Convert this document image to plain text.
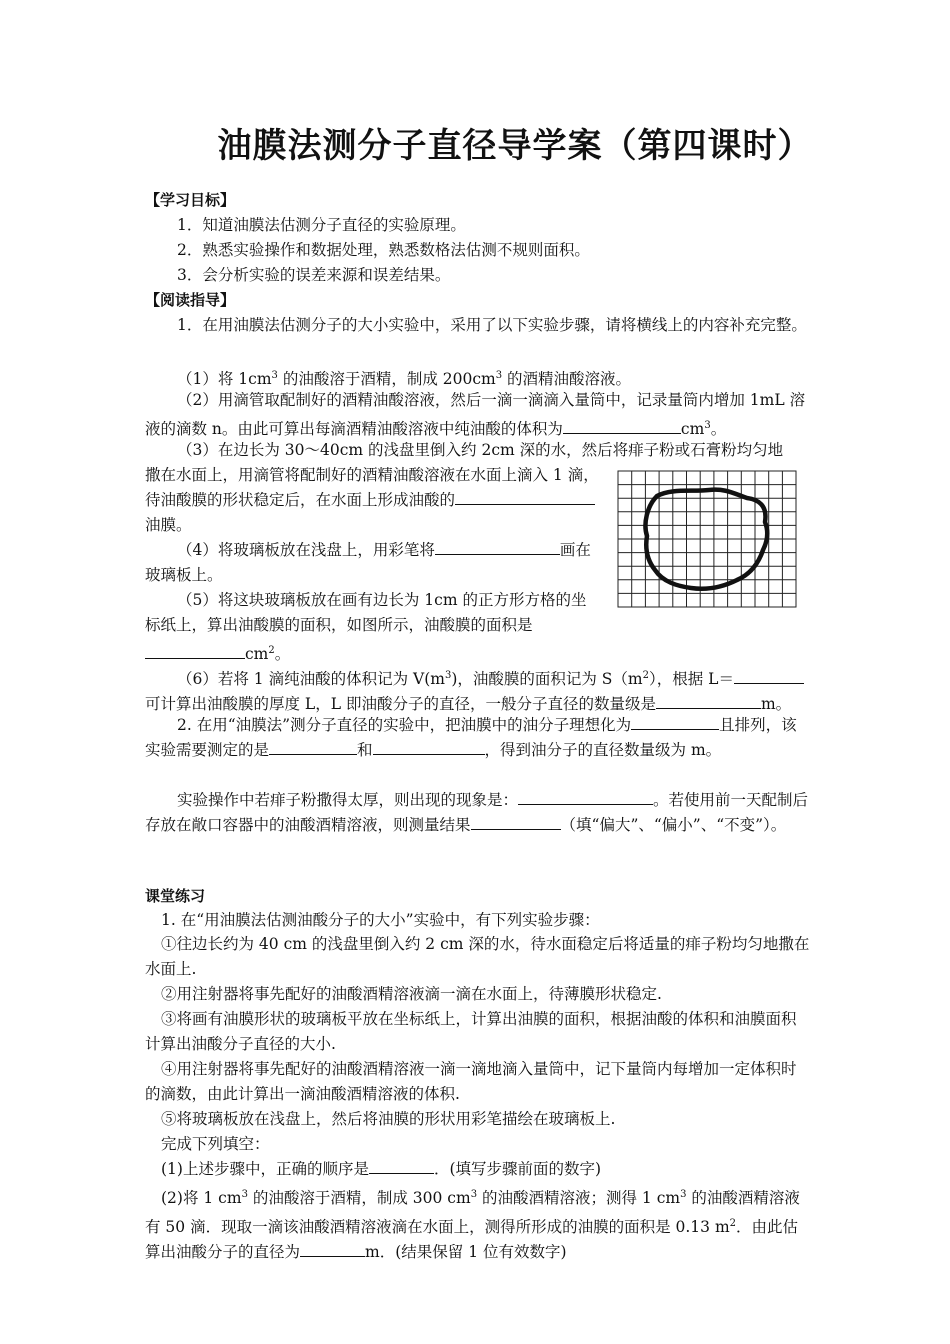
油膜法测分子直径导学案（第四课时）
【学习目标】
1．知道油膜法估测分子直径的实验原理。
2．熟悉实验操作和数据处理，熟悉数格法估测不规则面积。
3．会分析实验的误差来源和误差结果。
【阅读指导】
1．在用油膜法估测分子的大小实验中，采用了以下实验步骤，请将横线上的内容补充完整。
（1）将 $1cm^3$ 的油酸溶于酒精，制成 $200cm^3$ 的酒精油酸溶液。
（2）用滴管取配制好的酒精油酸溶液，然后一滴一滴滴入量筒中，记录量筒内增加 1mL 溶液的滴数 n。由此可算出每滴酒精油酸溶液中纯油酸的体积为	$cm^3$。
（3）在边长为 30～40cm 的浅盘里倒入约 2cm 深的水，然后将痱子粉或石膏粉均匀地
撒在水面上，用滴管将配制好的酒精油酸溶液在水面上滴入 1 滴，待油酸膜的形状稳定后，在水面上形成油酸的油膜。
（4）将玻璃板放在浅盘上，用彩笔将	画在玻璃板上。
（5）将这块玻璃板放在画有边长为 1cm 的正方形方格的坐标纸上，算出油酸膜的面积，如图所示，油酸膜的面积是$cm^2$。
（6）若将 1 滴纯油酸的体积记为 $V(m^3)$，油酸膜的面积记为 $S(m^2)$，根据 L＝可计算出油酸膜的厚度 L，L 即油酸分子的直径，一般分子直径的数量级是	m。
2. 在用“油膜法”测分子直径的实验中，把油膜中的油分子理想化为	且排列，该实验需要测定的是	和	，得到油分子的直径数量级为 m。
实验操作中若痱子粉撒得太厚，则出现的现象是：	。若使用前一天配制后存放在敞口容器中的油酸酒精溶液，则测量结果	（填“偏大”、“偏小”、“不变”）。
课堂练习
1. 在“用油膜法估测油酸分子的大小”实验中，有下列实验步骤：
①往边长约为 40 cm 的浅盘里倒入约 2 cm 深的水，待水面稳定后将适量的痱子粉均匀地撒在水面上.
②用注射器将事先配好的油酸酒精溶液滴一滴在水面上，待薄膜形状稳定.
③将画有油膜形状的玻璃板平放在坐标纸上，计算出油膜的面积，根据油酸的体积和油膜面积计算出油酸分子直径的大小.
④用注射器将事先配好的油酸酒精溶液一滴一滴地滴入量筒中，记下量筒内每增加一定体积时的滴数，由此计算出一滴油酸酒精溶液的体积.
⑤将玻璃板放在浅盘上，然后将油膜的形状用彩笔描绘在玻璃板上.
完成下列填空：
(1)上述步骤中，正确的顺序是	．(填写步骤前面的数字)
(2)将 1 $cm^3$ 的油酸溶于酒精，制成 300 $cm^3$ 的油酸酒精溶液；测得 1 $cm^3$ 的油酸酒精溶液有 50 滴．现取一滴该油酸酒精溶液滴在水面上，测得所形成的油膜的面积是 0.13 $m^2$．由此估算出油酸分子的直径为	m．(结果保留 1 位有效数字)
